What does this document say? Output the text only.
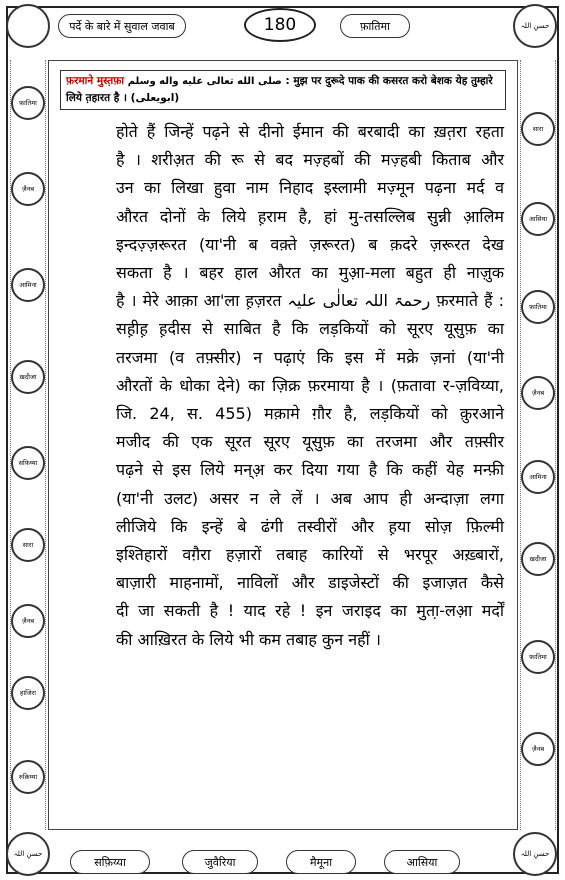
पर्दे के बारे में सुवाल जवाब	180	फ़ातिमा	حسنِ اللہ
फ़रमाने मुस्त़फ़ा صلى الله تعالى عليه واله وسلم : मुझ पर दुरूदे पाक की कसरत करो बेशक येह तुम्हारे लिये त़हारत है । (ابویعلی)
होते हैं जिन्हें पढ़ने से दीनो ईमान की बरबादी का ख़त़रा रहता
है । शरीअ़त की रू से बद मज़्हबों की मज़्हबी किताब और
उन का लिखा हुवा नाम निहाद इस्लामी मज़्मून पढ़ना मर्द व
औरत दोनों के लिये ह़राम है, हां मु-तसल्लिब सुन्नी आ़लिम
इन्दज़्ज़रूरत (या'नी ब वक़्ते ज़रूरत) ब क़दरे ज़रूरत देख
सकता है । बहर हाल औरत का मुआ़-मला बहुत ही नाज़ुक
है । मेरे आक़ा आ'ला ह़ज़रत رحمۃ اللہ تعالٰی علیہ फ़रमाते हैं :
सह़ीह़ ह़दीस से साबित है कि लड़कियों को सूरए यूसुफ़ का
तरजमा (व तफ़्सीर) न पढ़ाएं कि इस में मक्रे ज़नां (या'नी
औरतों के धोका देने) का ज़िक्र फ़रमाया है । (फ़तावा र-ज़विय्या,
जि. 24, स. 455) मक़ामे ग़ौर है, लड़कियों को क़ुरआने
मजीद की एक सूरत सूरए यूसुफ़ का तरजमा और तफ़्सीर
पढ़ने से इस लिये मन्अ़ कर दिया गया है कि कहीं येह मन्फ़ी
(या'नी उलट) असर न ले लें । अब आप ही अन्दाज़ा लगा
लीजिये कि इन्हें बे ढंगी तस्वीरों और ह़या सोज़ फ़िल्मी
इश्तिहारों वग़ैरा हज़ारों तबाह कारियों से भरपूर अख़्बारों,
बाज़ारी माहनामों, नाविलों और डाइजेस्टों की इजाज़त कैसे
दी जा सकती है ! याद रहे ! इन जराइद का मुता़-लआ़ मर्दों
की आख़िरत के लिये भी कम तबाह कुन नहीं ।
फ़ातिमा
ज़ैनब
आमिना
ख़दीजा
सफ़िय्या
सारा
ज़ैनब
हाजिरा
रुक़िय्या
सारा
आसिया
फ़ातिमा
ज़ैनब
आमिना
ख़दीजा
फ़ातिमा
ज़ैनब
حسنِ اللہ
सफ़िय्या	जुवैरिया	मैमूना	आसिया
حسنِ اللہ
